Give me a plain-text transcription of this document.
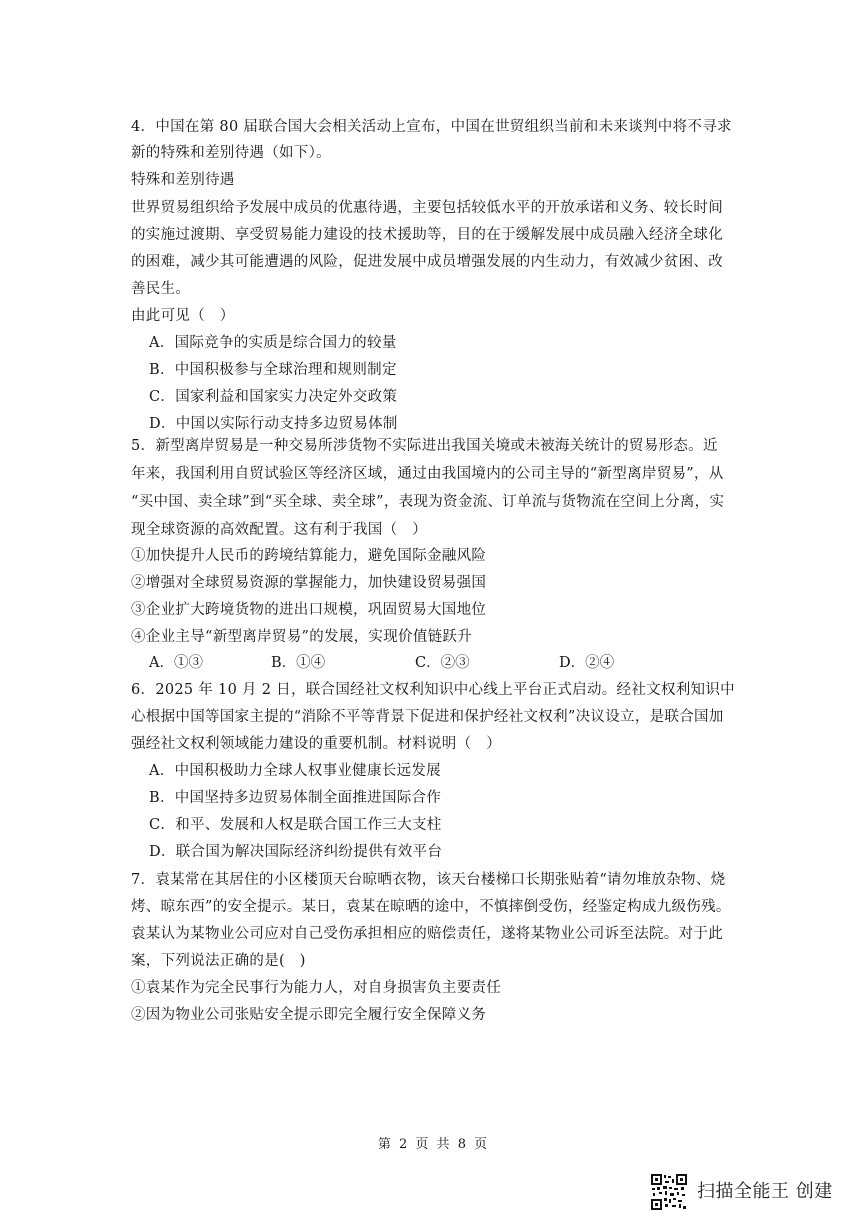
4．中国在第 80 届联合国大会相关活动上宣布，中国在世贸组织当前和未来谈判中将不寻求
新的特殊和差别待遇（如下）。
特殊和差别待遇
世界贸易组织给予发展中成员的优惠待遇，主要包括较低水平的开放承诺和义务、较长时间
的实施过渡期、享受贸易能力建设的技术援助等，目的在于缓解发展中成员融入经济全球化
的困难，减少其可能遭遇的风险，促进发展中成员增强发展的内生动力，有效减少贫困、改
善民生。
由此可见（　）
A．国际竞争的实质是综合国力的较量
B．中国积极参与全球治理和规则制定
C．国家利益和国家实力决定外交政策
D．中国以实际行动支持多边贸易体制
5．新型离岸贸易是一种交易所涉货物不实际进出我国关境或未被海关统计的贸易形态。近
年来，我国利用自贸试验区等经济区域，通过由我国境内的公司主导的“新型离岸贸易”，从
“买中国、卖全球”到“买全球、卖全球”，表现为资金流、订单流与货物流在空间上分离，实
现全球资源的高效配置。这有利于我国（　）
①加快提升人民币的跨境结算能力，避免国际金融风险
②增强对全球贸易资源的掌握能力，加快建设贸易强国
③企业扩大跨境货物的进出口规模，巩固贸易大国地位
④企业主导“新型离岸贸易”的发展，实现价值链跃升
A．①③	B．①④	C．②③	D．②④
6．2025 年 10 月 2 日，联合国经社文权利知识中心线上平台正式启动。经社文权利知识中
心根据中国等国家主提的“消除不平等背景下促进和保护经社文权利”决议设立，是联合国加
强经社文权利领域能力建设的重要机制。材料说明（　）
A．中国积极助力全球人权事业健康长远发展
B．中国坚持多边贸易体制全面推进国际合作
C．和平、发展和人权是联合国工作三大支柱
D．联合国为解决国际经济纠纷提供有效平台
7．袁某常在其居住的小区楼顶天台晾晒衣物，该天台楼梯口长期张贴着“请勿堆放杂物、烧
烤、晾东西”的安全提示。某日，袁某在晾晒的途中，不慎摔倒受伤，经鉴定构成九级伤残。
袁某认为某物业公司应对自己受伤承担相应的赔偿责任，遂将某物业公司诉至法院。对于此
案，下列说法正确的是(　)
①袁某作为完全民事行为能力人，对自身损害负主要责任
②因为物业公司张贴安全提示即完全履行安全保障义务
第 2 页 共 8 页
扫描全能王 创建
